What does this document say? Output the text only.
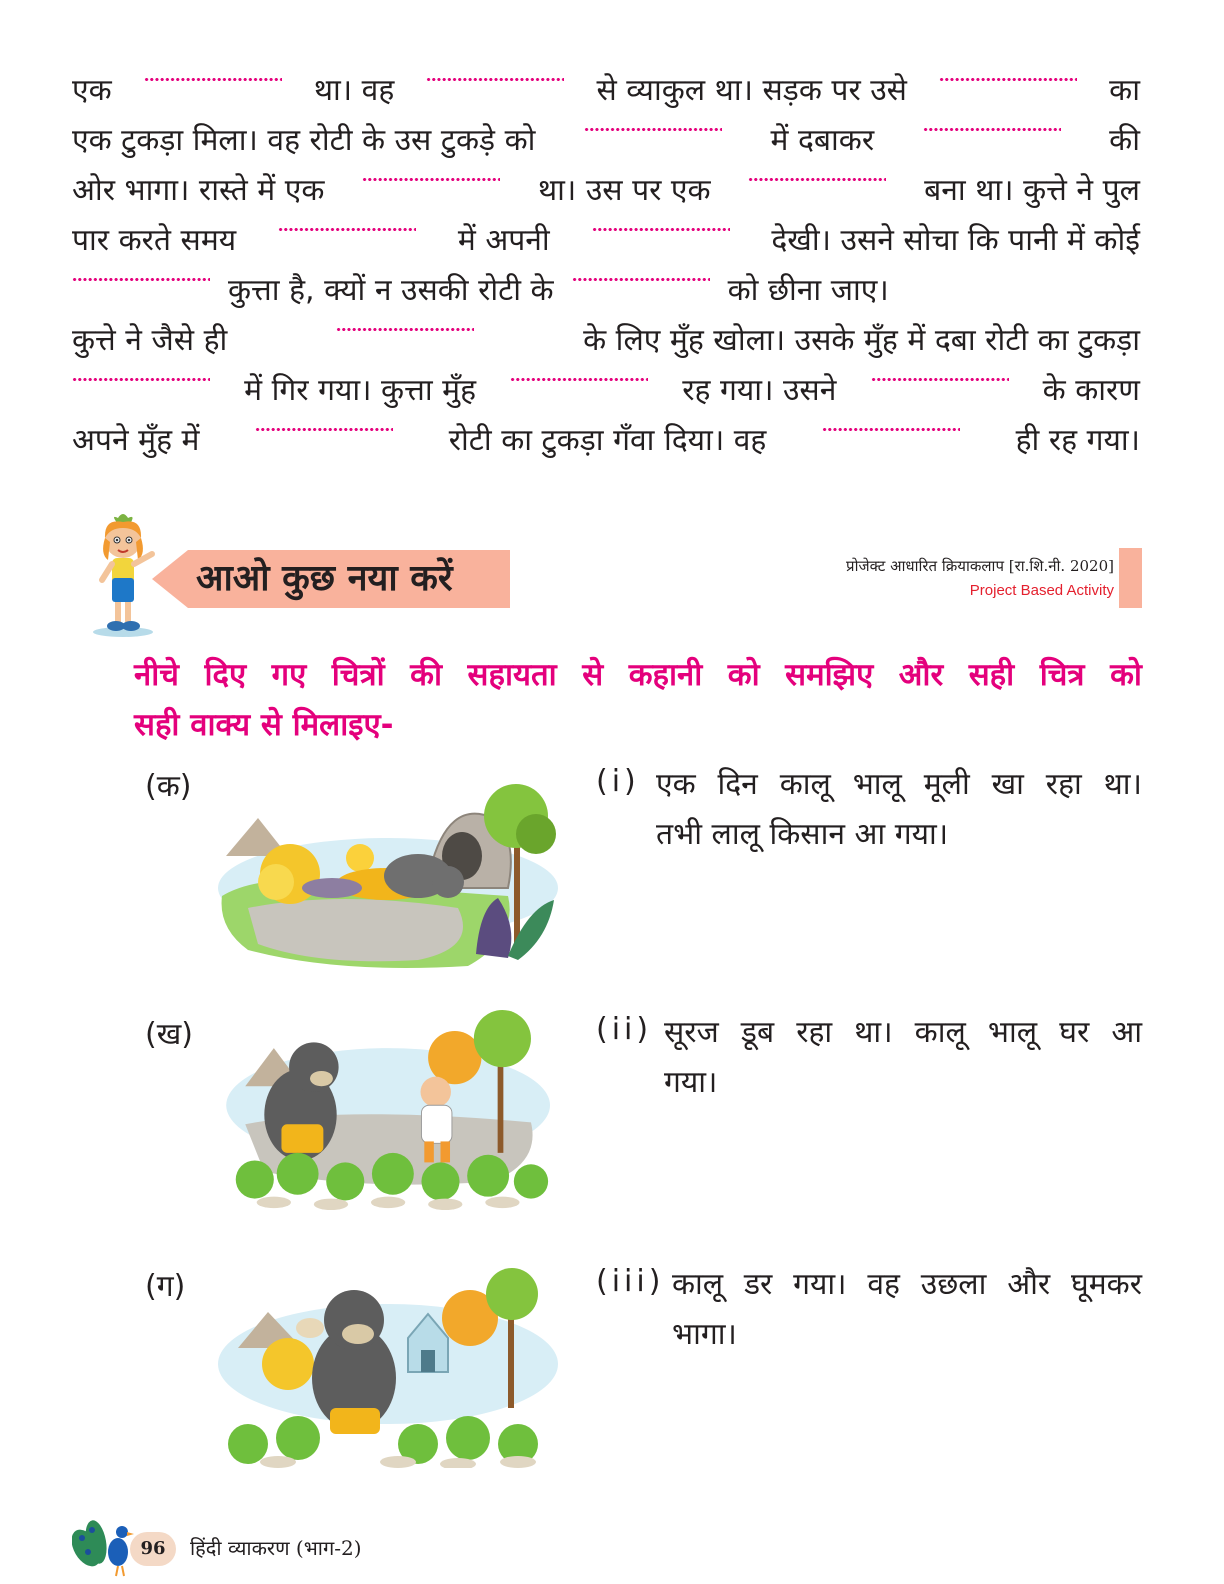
एक	था। वह	से व्याकुल था। सड़क पर उसे	का
एक टुकड़ा मिला। वह रोटी के उस टुकड़े को	में दबाकर	की
ओर भागा। रास्ते में एक	था। उस पर एक	बना था। कुत्ते ने पुल
पार करते समय	में अपनी	देखी। उसने सोचा कि पानी में कोई
कुत्ता है, क्यों न उसकी रोटी के	को छीना जाए।
कुत्ते ने जैसे ही	के लिए मुँह खोला। उसके मुँह में दबा रोटी का टुकड़ा
में गिर गया। कुत्ता मुँह	रह गया। उसने	के कारण
अपने मुँह में	रोटी का टुकड़ा गँवा दिया। वह	ही रह गया।
आओ कुछ नया करें	प्रोजेक्ट आधारित क्रियाकलाप [रा.शि.नी. 2020]
Project Based Activity
नीचे दिए गए चित्रों की सहायता से कहानी को समझिए और सही चित्र को
सही वाक्य से मिलाइए-
(क)
(ख)
(ग)
(i) एक दिन कालू भालू मूली खा रहा था।
तभी लालू किसान आ गया।
(ii) सूरज डूब रहा था। कालू भालू घर आ
गया।
(iii) कालू डर गया। वह उछला और घूमकर
भागा।
96	हिंदी व्याकरण (भाग-2)
